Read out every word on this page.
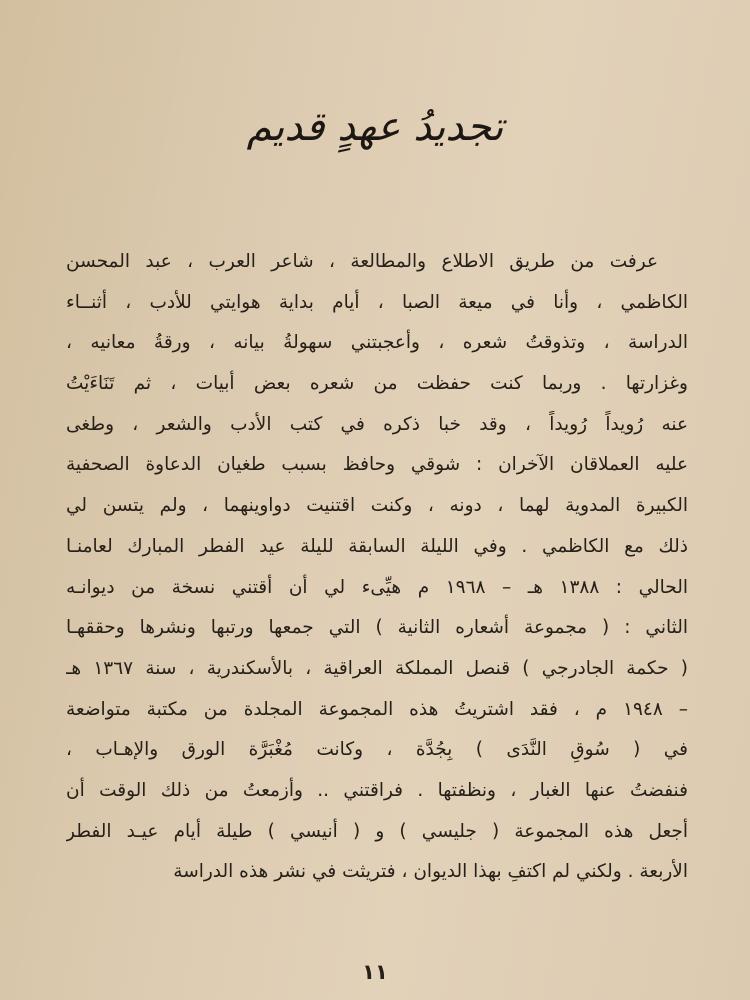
تجديدُ عهدٍ قديم
عرفت من طريق الاطلاع والمطالعة ، شاعر العرب ، عبد المحسن
الكاظمي ، وأنا في ميعة الصبا ، أيام بداية هوايتي للأدب ، أثنــاء
الدراسة ، وتذوقتُ شعره ، وأعجبتني سهولةُ بيانه ، ورقةُ معانيه ،
وغزارتها . وربما كنت حفظت من شعره بعض أبيات ، ثم تَنَاءَيْتُ
عنه رُويداً رُويداً ، وقد خبا ذكره في كتب الأدب والشعر ، وطغى
عليه العملاقان الآخران : شوقي وحافظ بسبب طغيان الدعاوة الصحفية
الكبيرة المدوية لهما ، دونه ، وكنت اقتنيت دواوينهما ، ولم يتسن لي
ذلك مع الكاظمي . وفي الليلة السابقة لليلة عيد الفطر المبارك لعامنـا
الحالي : ١٣٨٨ هـ – ١٩٦٨ م هيِّىء لي أن أقتني نسخة من ديوانـه
الثاني : ( مجموعة أشعاره الثانية ) التي جمعها ورتبها ونشرها وحققهـا
( حكمة الجادرجي ) قنصل المملكة العراقية ، بالأسكندرية ، سنة ١٣٦٧ هـ
– ١٩٤٨ م ، فقد اشتريتُ هذه المجموعة المجلدة من مكتبة متواضعة
في ( سُوقِ النَّدَى ) بِجُدَّة ، وكانت مُغْبَرَّة الورق والإهـاب ،
فنفضتُ عنها الغبار ، ونظفتها . فراقتني .. وأزمعتُ من ذلك الوقت أن
أجعل هذه المجموعة ( جليسي ) و ( أنيسي ) طيلة أيام عيـد الفطر
الأربعة . ولكني لم اكتفِ بهذا الديوان ، فتريثت في نشر هذه الدراسة
١١
